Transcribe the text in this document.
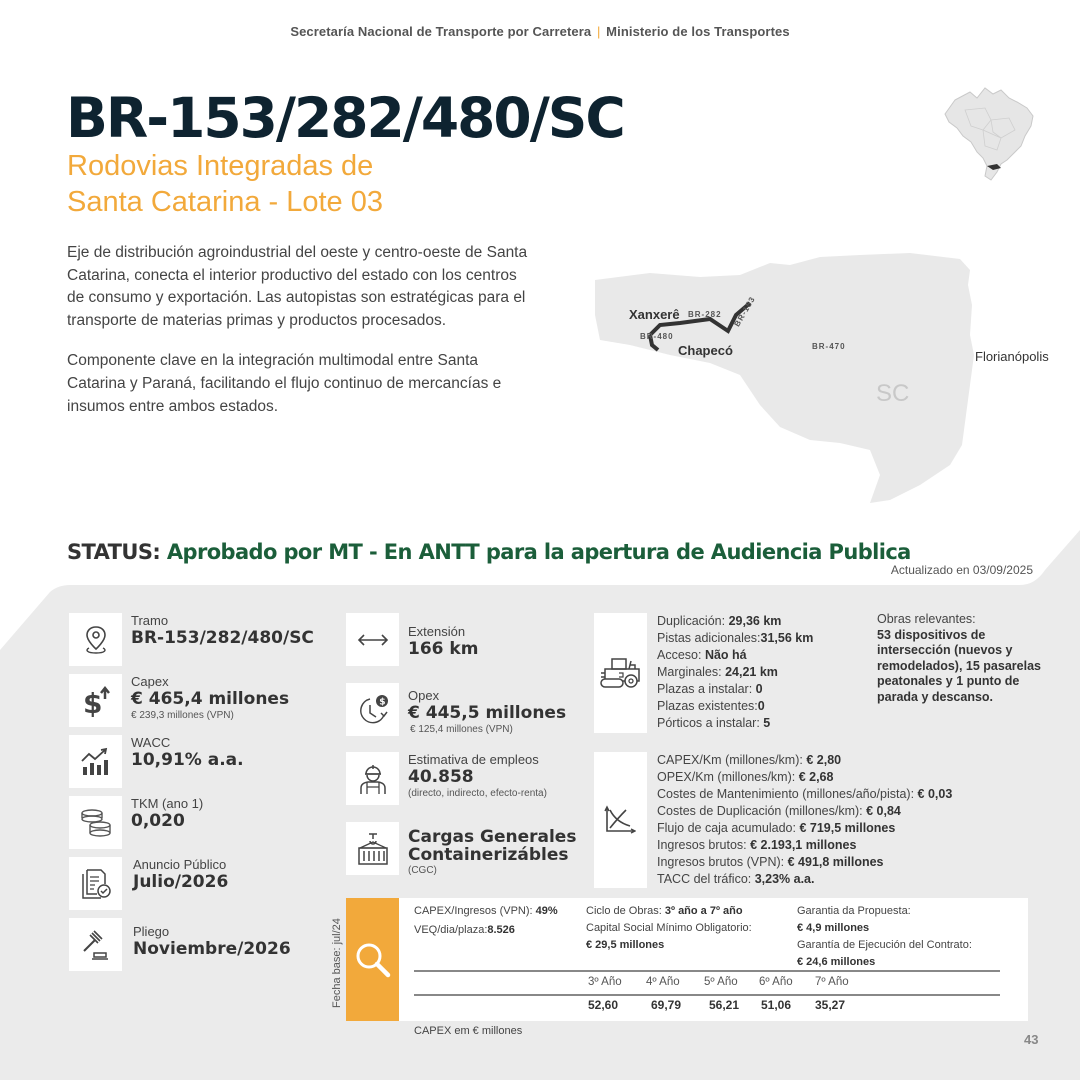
Secretaría Nacional de Transporte por Carretera | Ministerio de los Transportes
BR-153/282/480/SC
Rodovias Integradas de
Santa Catarina - Lote 03

Eje de distribución agroindustrial del oeste y centro-oeste de Santa Catarina, conecta el interior productivo del estado con los centros de consumo y exportación. Las autopistas son estratégicas para el transporte de materias primas y productos procesados.

Componente clave en la integración multimodal entre Santa Catarina y Paraná, facilitando el flujo continuo de mercancías e insumos entre ambos estados.

Xanxerê
Chapecó	Florianópolis
BR-282 BR-153
BR-480
BR-470
SC
STATUS: Aprobado por MT - En ANTT para la apertura de Audiencia Publica
Actualizado en 03/09/2025
Tramo
BR-153/282/480/SC
$
Capex
€ 465,4 millones
€ 239,3 millones (VPN)
WACC
10,91% a.a.
TKM (ano 1)
0,020
Anuncio Público
Julio/2026
Pliego
Noviembre/2026
Extensión
166 km
$ Opex
€ 445,5 millones
€ 125,4 millones (VPN)
Estimativa de empleos
40.858
(directo, indirecto, efecto-renta)
Cargas Generales
Containerizábles
(CGC)
Duplicación: 29,36 km
Pistas adicionales:31,56 km
Acceso: Não há
Marginales: 24,21 km
Plazas a instalar: 0
Plazas existentes:0
Pórticos a instalar: 5
Obras relevantes:
53 dispositivos de intersección (nuevos y remodelados), 15 pasarelas peatonales y 1 punto de parada y descanso.
CAPEX/Km (millones/km): € 2,80
OPEX/Km (millones/km): € 2,68
Costes de Mantenimiento (millones/año/pista): € 0,03
Costes de Duplicación (millones/km): € 0,84
Flujo de caja acumulado: € 719,5 millones
Ingresos brutos: € 2.193,1 millones
Ingresos brutos (VPN): € 491,8 millones
TACC del tráfico: 3,23% a.a.
Fecha base: jul/24
CAPEX/Ingresos (VPN): 49%
VEQ/dia/plaza:8.526
Ciclo de Obras: 3º año a 7º año
Capital Social Mínimo Obligatorio:
€ 29,5 millones
Garantia da Propuesta:
€ 4,9 millones
Garantía de Ejecución del Contrato:
€ 24,6 millones
3º Año 4º Año 5º Año 6º Año 7º Año
52,60	69,79 56,21 51,06 35,27
CAPEX em € millones
43
